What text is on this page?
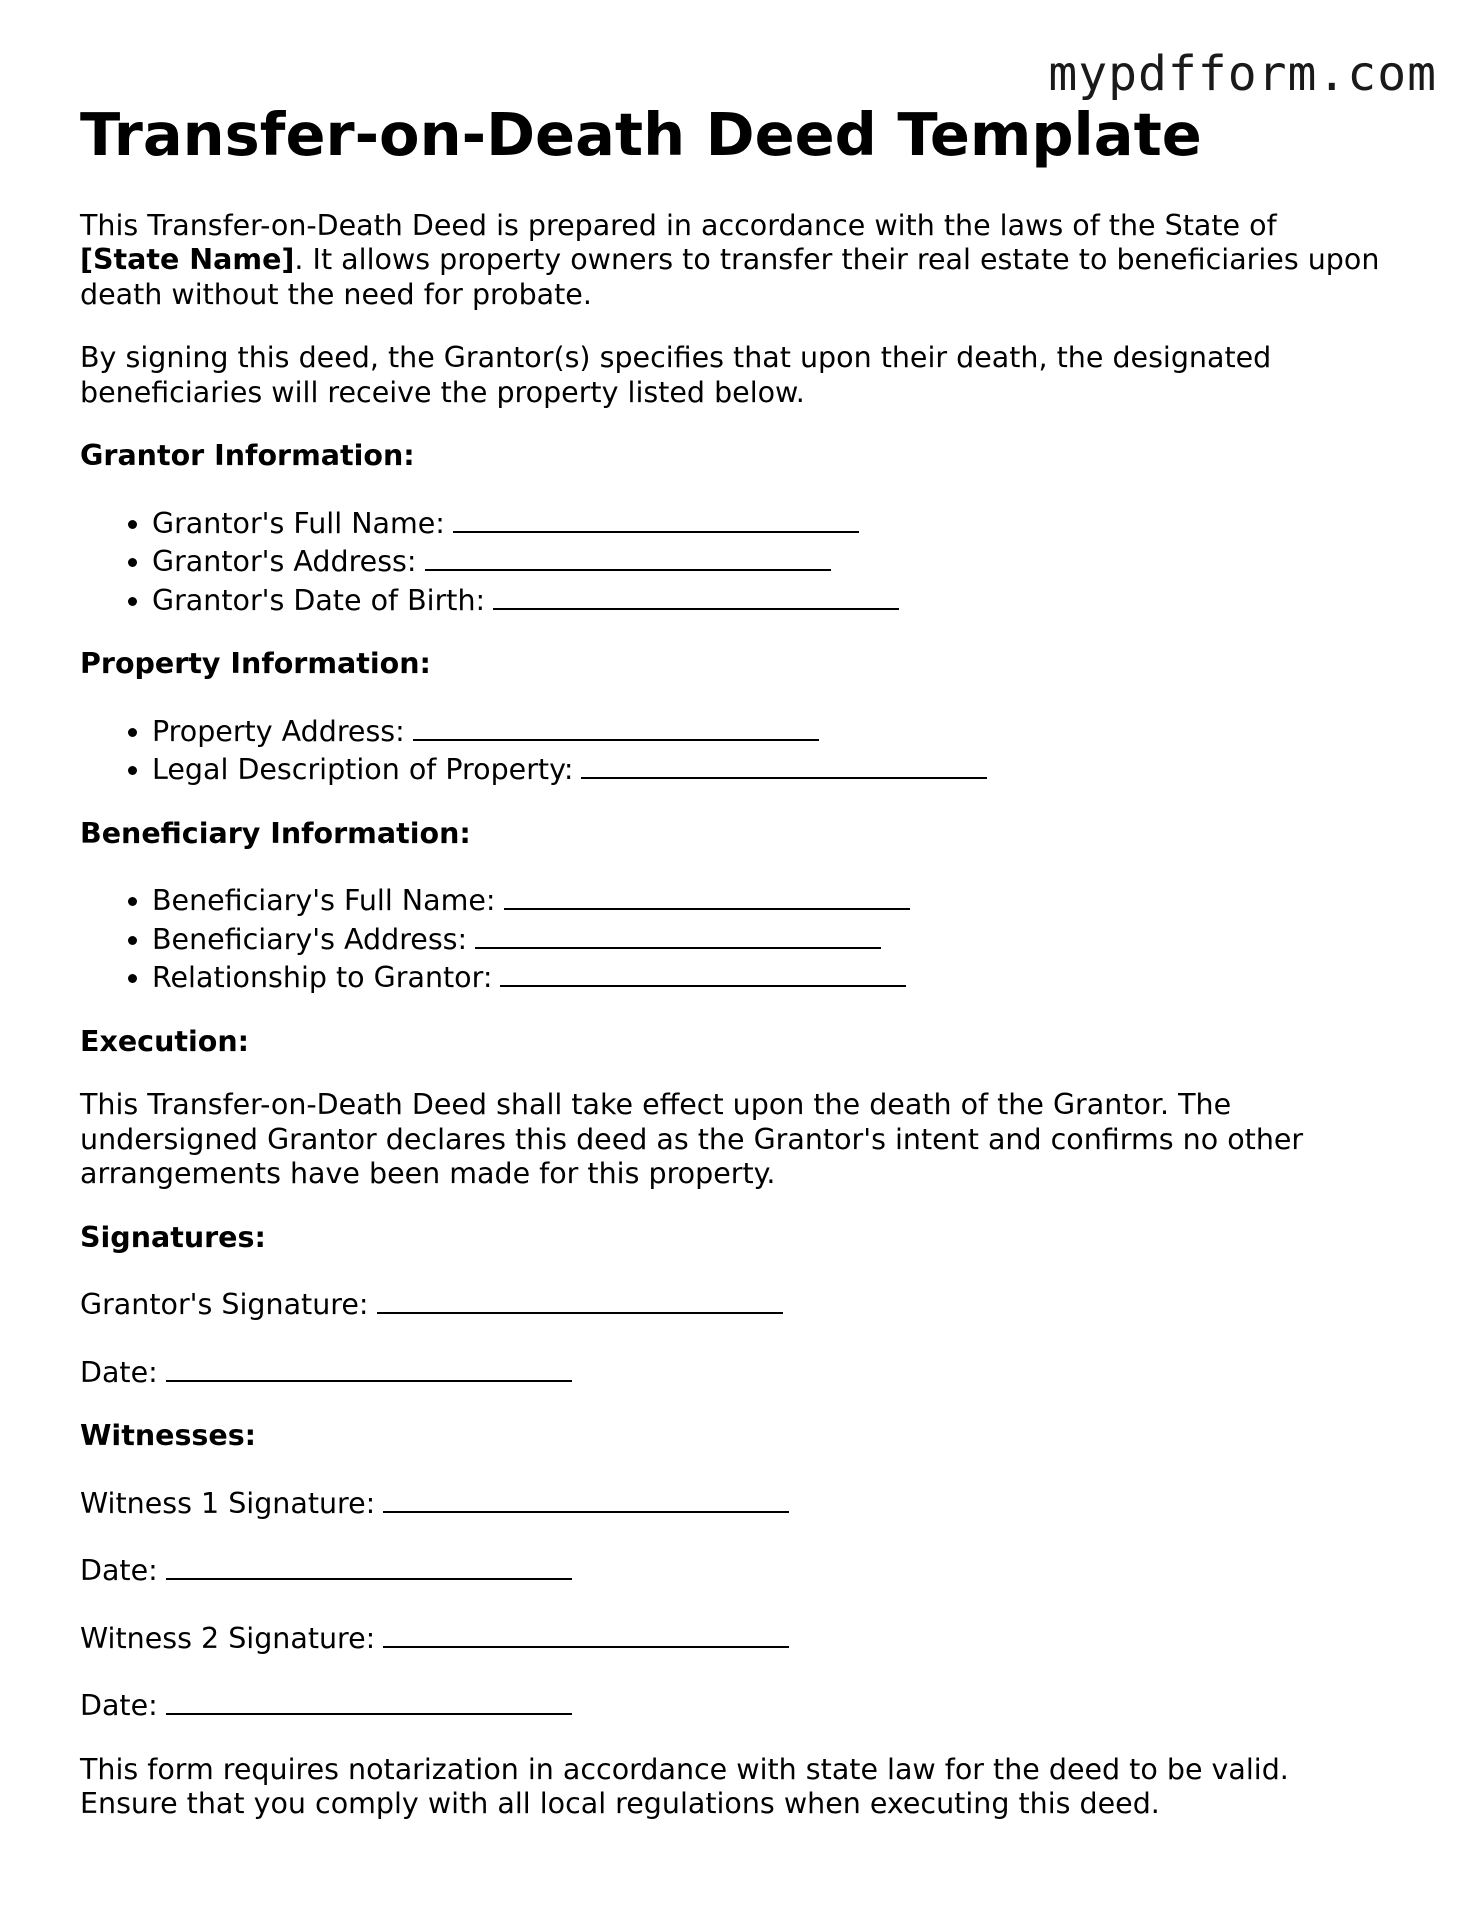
mypdfform.com
Transfer-on-Death Deed Template

This Transfer-on-Death Deed is prepared in accordance with the laws of the State of [State Name]. It allows property owners to transfer their real estate to beneficiaries upon death without the need for probate.

By signing this deed, the Grantor(s) specifies that upon their death, the designated beneficiaries will receive the property listed below.

Grantor Information:
• Grantor's Full Name:
• Grantor's Address:
• Grantor's Date of Birth:
Property Information:
• Property Address:
• Legal Description of Property:
Beneficiary Information:
• Beneficiary's Full Name:
• Beneficiary's Address:
• Relationship to Grantor:
Execution:

This Transfer-on-Death Deed shall take effect upon the death of the Grantor. The undersigned Grantor declares this deed as the Grantor's intent and confirms no other arrangements have been made for this property.

Signatures:
Grantor's Signature:
Date:
Witnesses:
Witness 1 Signature:
Date:
Witness 2 Signature:
Date:

This form requires notarization in accordance with state law for the deed to be valid. Ensure that you comply with all local regulations when executing this deed.
